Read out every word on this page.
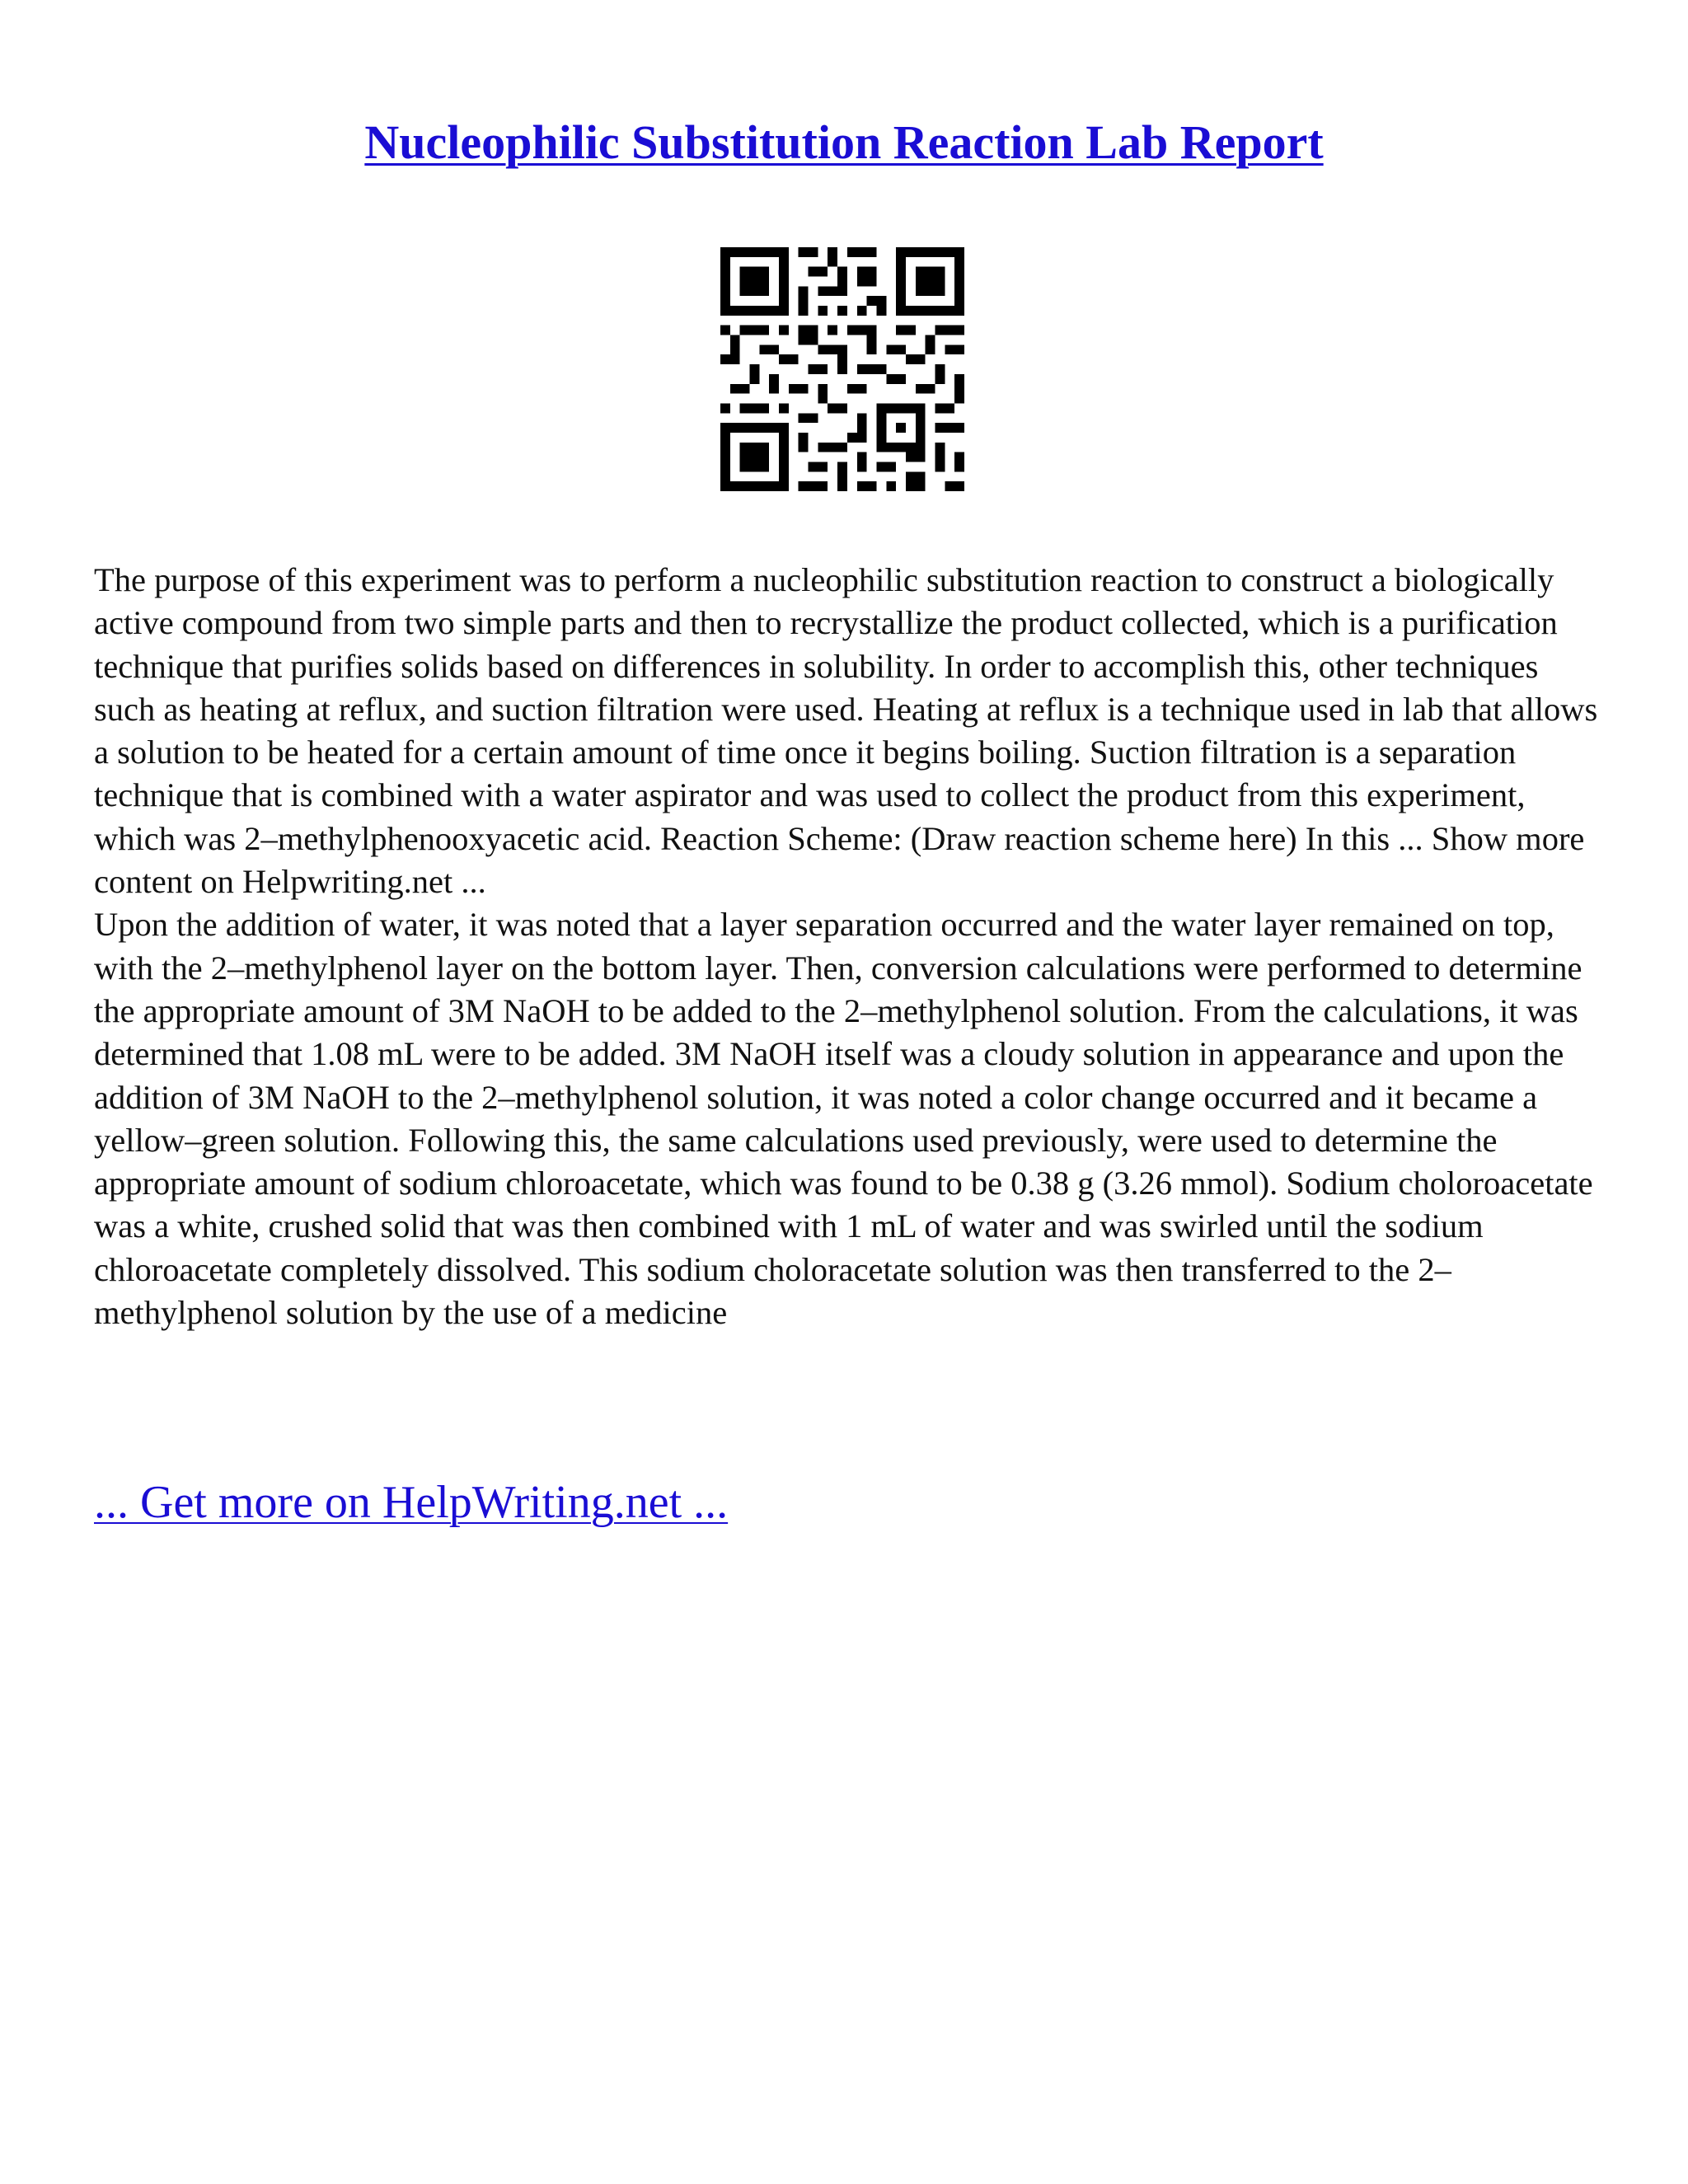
Nucleophilic Substitution Reaction Lab Report

The purpose of this experiment was to perform a nucleophilic substitution reaction to construct a biologically active compound from two simple parts and then to recrystallize the product collected, which is a purification technique that purifies solids based on differences in solubility. In order to accomplish this, other techniques such as heating at reflux, and suction filtration were used. Heating at reflux is a technique used in lab that allows a solution to be heated for a certain amount of time once it begins boiling. Suction filtration is a separation technique that is combined with a water aspirator and was used to collect the product from this experiment, which was 2–methylphenooxyacetic acid. Reaction Scheme: (Draw reaction scheme here) In this ... Show more content on Helpwriting.net ...

Upon the addition of water, it was noted that a layer separation occurred and the water layer remained on top, with the 2–methylphenol layer on the bottom layer. Then, conversion calculations were performed to determine the appropriate amount of 3M NaOH to be added to the 2–methylphenol solution. From the calculations, it was determined that 1.08 mL were to be added. 3M NaOH itself was a cloudy solution in appearance and upon the addition of 3M NaOH to the 2–methylphenol solution, it was noted a color change occurred and it became a yellow–green solution. Following this, the same calculations used previously, were used to determine the appropriate amount of sodium chloroacetate, which was found to be 0.38 g (3.26 mmol). Sodium choloroacetate was a white, crushed solid that was then combined with 1 mL of water and was swirled until the sodium chloroacetate completely dissolved. This sodium choloracetate solution was then transferred to the 2–methylphenol solution by the use of a medicine

... Get more on HelpWriting.net ...
